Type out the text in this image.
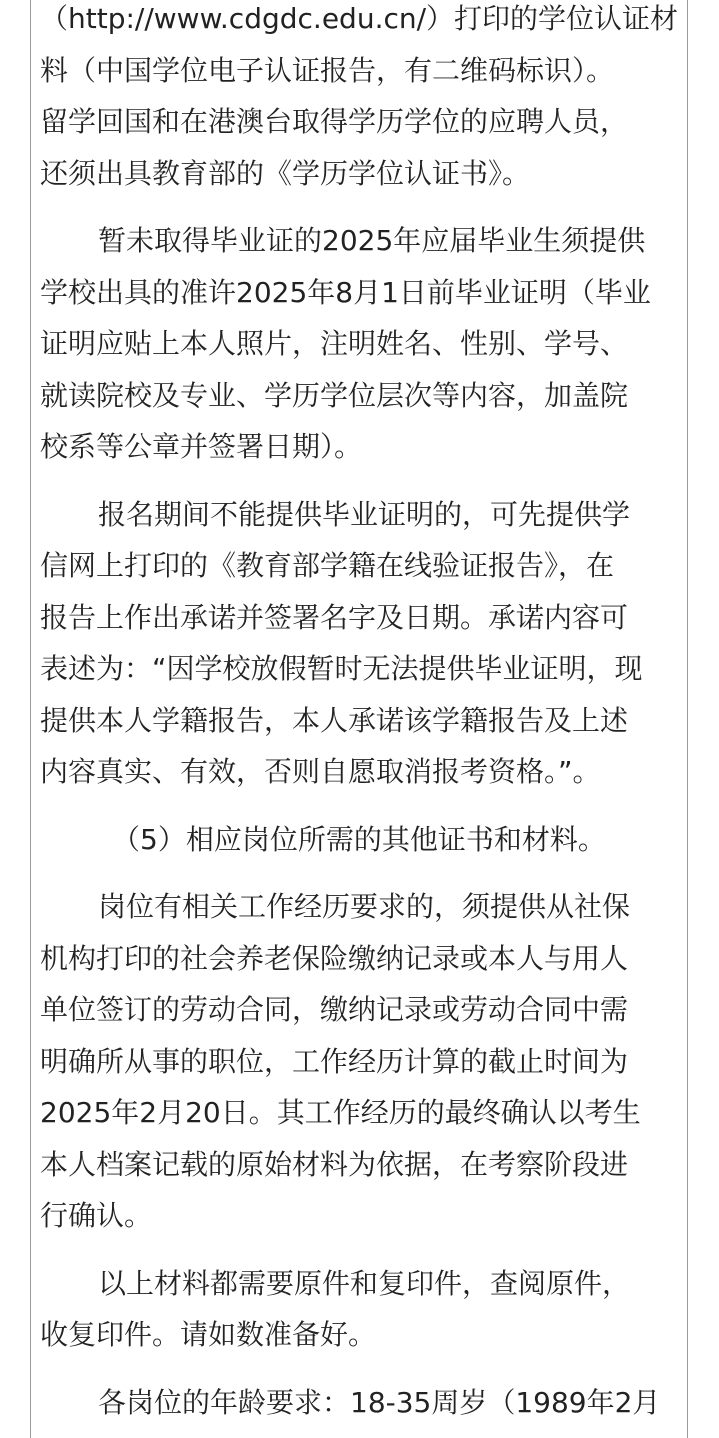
（http://www.cdgdc.edu.cn/）打印的学位认证材
料（中国学位电子认证报告，有二维码标识）。
留学回国和在港澳台取得学历学位的应聘人员，
还须出具教育部的《学历学位认证书》。

暂未取得毕业证的2025年应届毕业生须提供
学校出具的准许2025年8月1日前毕业证明（毕业
证明应贴上本人照片，注明姓名、性别、学号、
就读院校及专业、学历学位层次等内容，加盖院
校系等公章并签署日期）。

报名期间不能提供毕业证明的，可先提供学
信网上打印的《教育部学籍在线验证报告》，在
报告上作出承诺并签署名字及日期。承诺内容可
表述为：“因学校放假暂时无法提供毕业证明，现
提供本人学籍报告，本人承诺该学籍报告及上述
内容真实、有效，否则自愿取消报考资格。”。

（5）相应岗位所需的其他证书和材料。

岗位有相关工作经历要求的，须提供从社保
机构打印的社会养老保险缴纳记录或本人与用人
单位签订的劳动合同，缴纳记录或劳动合同中需
明确所从事的职位，工作经历计算的截止时间为
2025年2月20日。其工作经历的最终确认以考生
本人档案记载的原始材料为依据，在考察阶段进
行确认。

以上材料都需要原件和复印件，查阅原件，
收复印件。请如数准备好。

各岗位的年龄要求：18-35周岁（1989年2月
